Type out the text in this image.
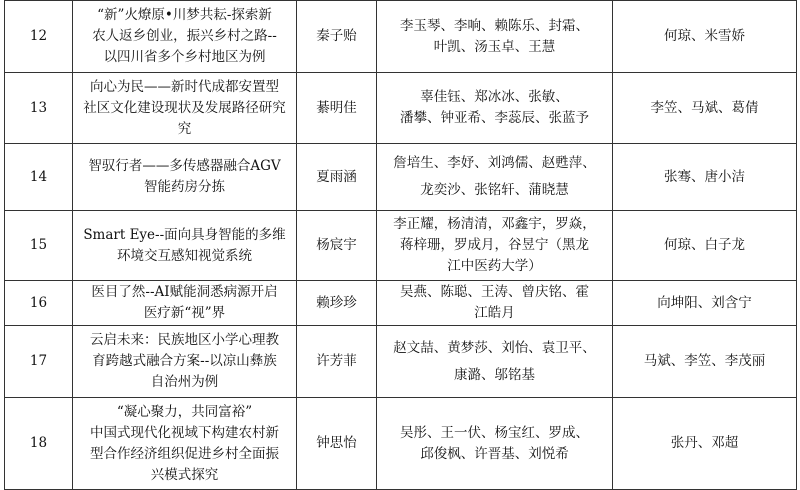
12	“新”火燎原•川梦共耘-探索新
农人返乡创业，振兴乡村之路--
以四川省多个乡村地区为例	秦子贻	李玉琴、李响、赖陈乐、封霜、
叶凯、汤玉卓、王慧	何琼、米雪娇
13	向心为民——新时代成都安置型
社区文化建设现状及发展路径研究
究	綦明佳	辜佳钰、郑冰冰、张敏、
潘攀、钟亚希、李蕊辰、张蓝予	李笠、马斌、葛倩
14	智驭行者——多传感器融合AGV
智能药房分拣	夏雨涵	詹培生、李妤、刘鸿儒、赵甦萍、
龙奕沙、张铭轩、蒲晓慧	张骞、唐小洁
15	Smart Eye--面向具身智能的多维
环境交互感知视觉系统	杨宸宇	李正耀，杨清清，邓鑫宇，罗焱，
蒋梓珊，罗成月，谷昱宁（黑龙
江中医药大学）	何琼、白子龙
16	医目了然--AI赋能洞悉病源开启
医疗新“视”界	赖珍珍	吴燕、陈聪、王涛、曾庆铭、霍
江皓月	向坤阳、刘含宁
17	云启未来：民族地区小学心理教
育跨越式融合方案--以凉山彝族
自治州为例	许芳菲	赵文喆、黄梦莎、刘怡、袁卫平、
康潞、邬铭基	马斌、李笠、李茂丽
18	“凝心聚力，共同富裕”
中国式现代化视域下构建农村新
型合作经济组织促进乡村全面振
兴模式探究	钟思怡	吴彤、王一伏、杨宝红、罗成、
邱俊枫、许晋基、刘悦希	张丹、邓超
